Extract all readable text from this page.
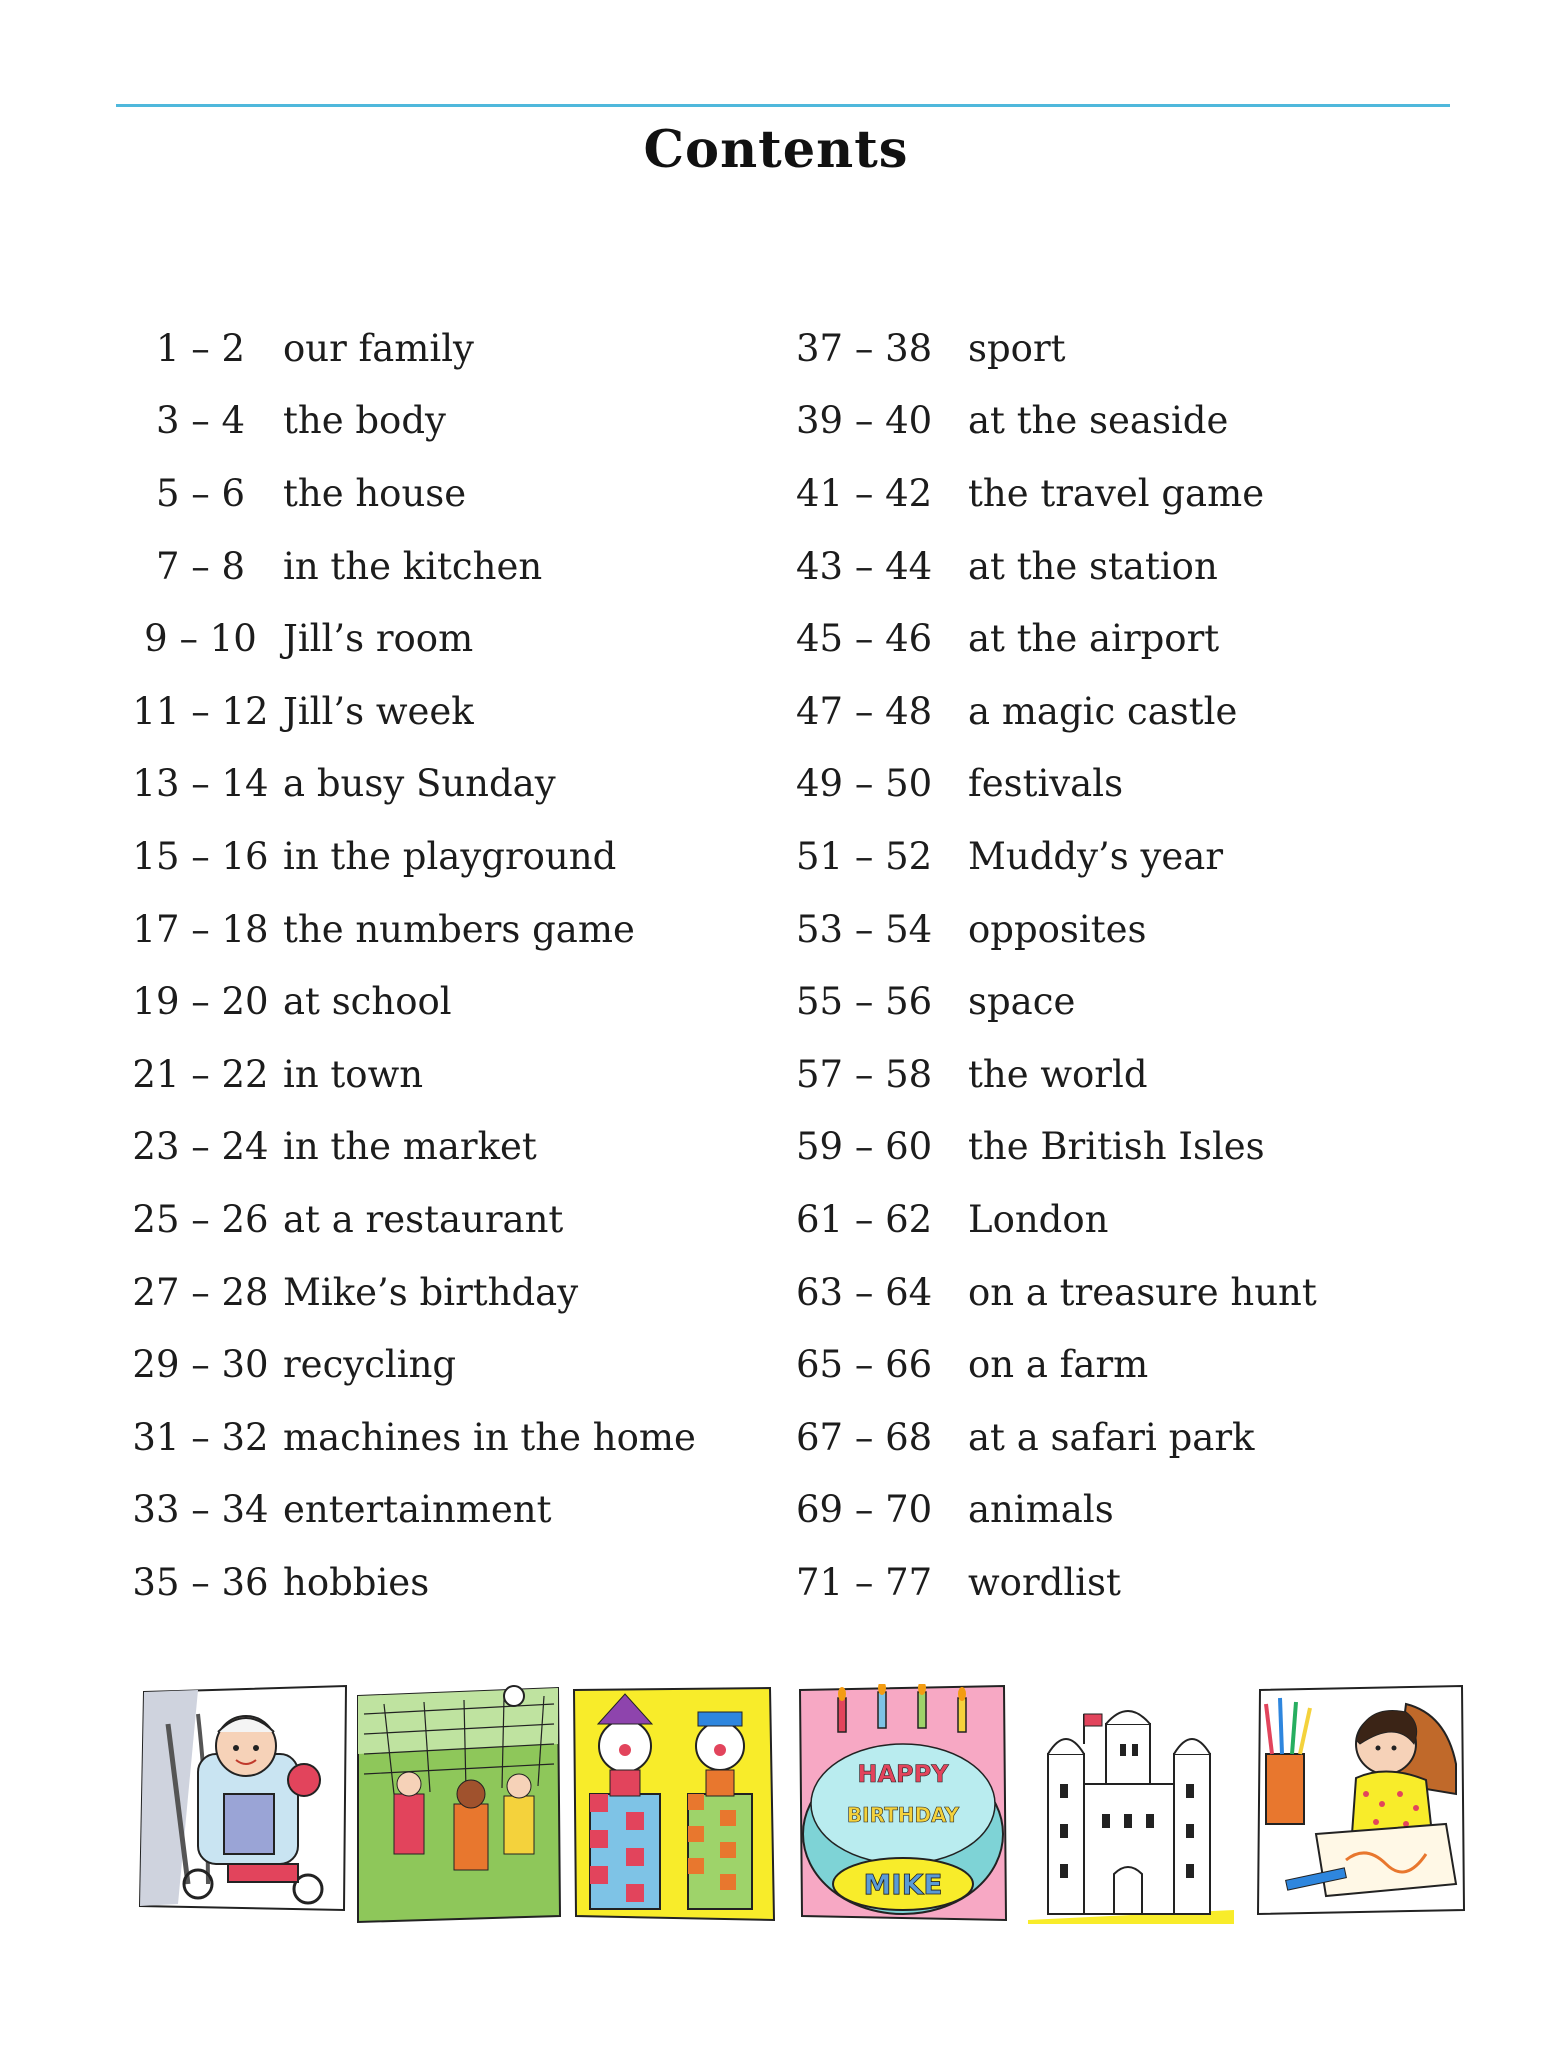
Contents
1 – 2	our family
3 – 4	the body
5 – 6	the house
7 – 8	in the kitchen
9 – 10 Jill’s room
11 – 12 Jill’s week
13 – 14 a busy Sunday
15 – 16 in the playground
17 – 18 the numbers game
19 – 20 at school
21 – 22 in town
23 – 24 in the market
25 – 26 at a restaurant
27 – 28 Mike’s birthday
29 – 30 recycling
31 – 32 machines in the home
33 – 34 entertainment
35 – 36 hobbies
37 – 38 sport
39 – 40 at the seaside
41 – 42 the travel game
43 – 44 at the station
45 – 46 at the airport
47 – 48 a magic castle
49 – 50 festivals
51 – 52 Muddy’s year
53 – 54 opposites
55 – 56 space
57 – 58 the world
59 – 60 the British Isles
61 – 62 London
63 – 64 on a treasure hunt
65 – 66 on a farm
67 – 68 at a safari park
69 – 70 animals
71 – 77 wordlist
HAPPY
BIRTHDAY
MIKE
